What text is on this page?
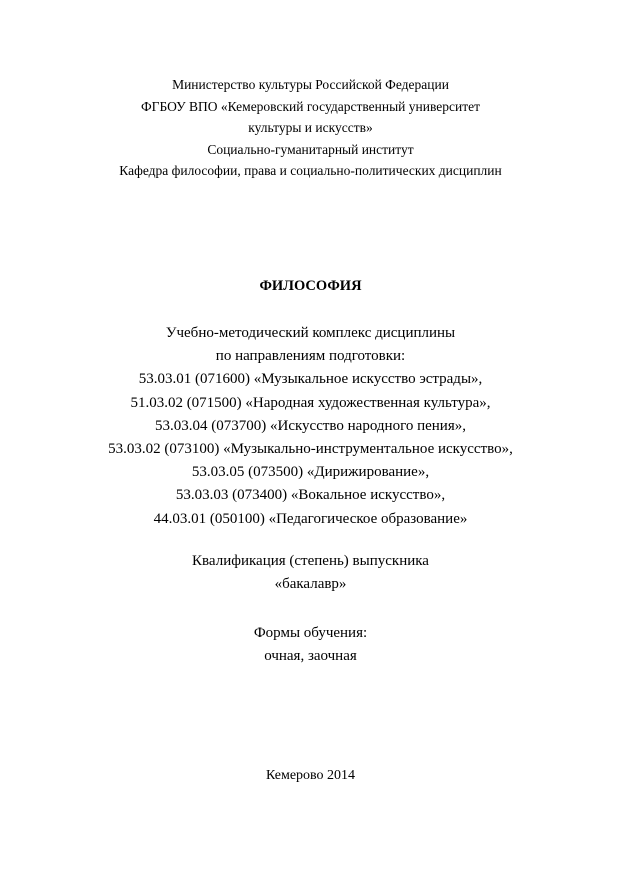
Министерство культуры Российской Федерации
ФГБОУ ВПО «Кемеровский государственный университет
культуры и искусств»
Социально-гуманитарный институт
Кафедра философии, права и социально-политических дисциплин
ФИЛОСОФИЯ
Учебно-методический комплекс дисциплины
по направлениям подготовки:
53.03.01 (071600) «Музыкальное искусство эстрады»,
51.03.02 (071500) «Народная художественная культура»,
53.03.04 (073700) «Искусство народного пения»,
53.03.02 (073100) «Музыкально-инструментальное искусство»,
53.03.05 (073500) «Дирижирование»,
53.03.03 (073400) «Вокальное искусство»,
44.03.01 (050100) «Педагогическое образование»
Квалификация (степень) выпускника
«бакалавр»
Формы обучения:
очная, заочная
Кемерово 2014
